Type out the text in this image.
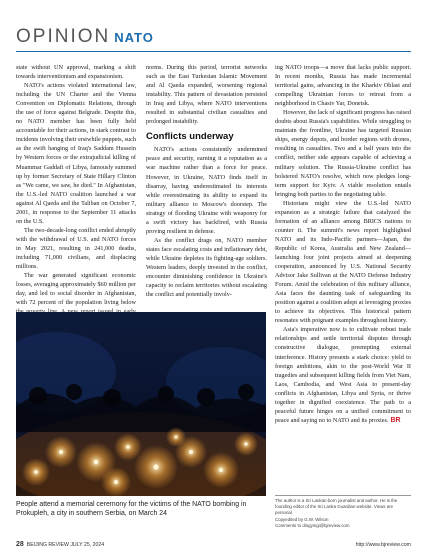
OPINION NATO

state without UN approval, marking a shift towards interventionism and expansionism.

NATO's actions violated international law, including the UN Charter and the Vienna Convention on Diplomatic Relations, through the use of force against Belgrade. Despite this, no NATO member has been fully held accountable for their actions, in stark contrast to incidents involving their erstwhile puppets, such as the swift hanging of Iraq's Saddam Hussein by Western forces or the extrajudicial killing of Muammar Gaddafi of Libya, famously summed up by former Secretary of State Hillary Clinton as "We came, we saw, he died." In Afghanistan, the U.S.-led NATO coalition launched a war against Al Qaeda and the Taliban on October 7, 2001, in response to the September 11 attacks on the U.S.

The two-decade-long conflict ended abruptly with the withdrawal of U.S. and NATO forces in May 2021, resulting in 241,000 deaths, including 71,000 civilians, and displacing millions.

The war generated significant economic losses, averaging approximately $60 million per day, and led to social disorder in Afghanistan, with 72 percent of the population living below

norms. During this period, terrorist networks such as the East Turkestan Islamic Movement and Al Qaeda expanded, worsening regional instability. This pattern of devastation persisted in Iraq and Libya, where NATO interventions resulted in substantial civilian casualties and prolonged instability.

Conflicts underway

NATO's actions consistently undermined peace and security, earning it a reputation as a war machine rather than a force for peace. However, in Ukraine, NATO finds itself in disarray, having underestimated its interests while overestimating its ability to expand its military alliance to Moscow's doorstep. The strategy of flooding Ukraine with weaponry for a swift victory has backfired, with Russia proving resilient in defense.

As the conflict drags on, NATO member states face escalating costs and inflationary debt, while Ukraine depletes its fighting-age soldiers. Western leaders, deeply invested in the conflict, encounter diminishing confidence in Ukraine's capacity to reclaim territories without escalating the conflict and potentially involv-

ing NATO troops—a move that lacks public support. In recent months, Russia has made incremental territorial gains, advancing in the Kharkiv Oblast and compelling Ukrainian forces to retreat from a neighborhood in Chasiv Yar, Donetsk.

However, the lack of significant progress has raised doubts about Russia's capabilities. While struggling to maintain the frontline, Ukraine has targeted Russian ships, energy depots, and border regions with drones, resulting in casualties. Two and a half years into the conflict, neither side appears capable of achieving a military solution. The Russia-Ukraine conflict has bolstered NATO's resolve, which now pledges long-term support for Kyiv. A viable resolution entails bringing both parties to the negotiating table.

Historians might view the U.S.-led NATO expansion as a strategic failure that catalyzed the formation of an alliance among BRICS nations to counter it. The summit's news report highlighted NATO and its Indo-Pacific partners—Japan, the Republic of Korea, Australia and New Zealand—launching four joint projects aimed at deepening cooperation, announced by U.S. National Security Advisor Jake Sullivan at the NATO Defense Industry Forum. Amid the celebration of this military alliance, Asia faces the daunting task of safeguarding its position against a coalition adept at leveraging proxies to achieve its objectives. This historical pattern resonates with poignant examples throughout history.

Asia's imperative now is to cultivate robust trade relationships and settle territorial disputes through constructive dialogue, preempting external interference. History presents a stark choice: yield to foreign ambitions, akin to the post-World War II tragedies and subsequent killing fields from Viet Nam, Laos, Cambodia, and West Asia to present-day conflicts in Afghanistan, Libya and Syria, or thrive together in dignified coexistence. The path to a peaceful future hinges on a unified commitment to peace and saying no to NATO and its proxies. BR

People attend a memorial ceremony for the victims of the NATO bombing in Prokupleh, a city in southern Serbia, on March 24
The author is a Sri Lankan-born journalist and author. He is the founding editor of the Sri Lanka Guardian website. Views are personal
Copyedited by G.W. Wilson
Comments to dingyingi@bjreview.com
28 BEIJING REVIEW JULY 25, 2024	http://www.bjreview.com
